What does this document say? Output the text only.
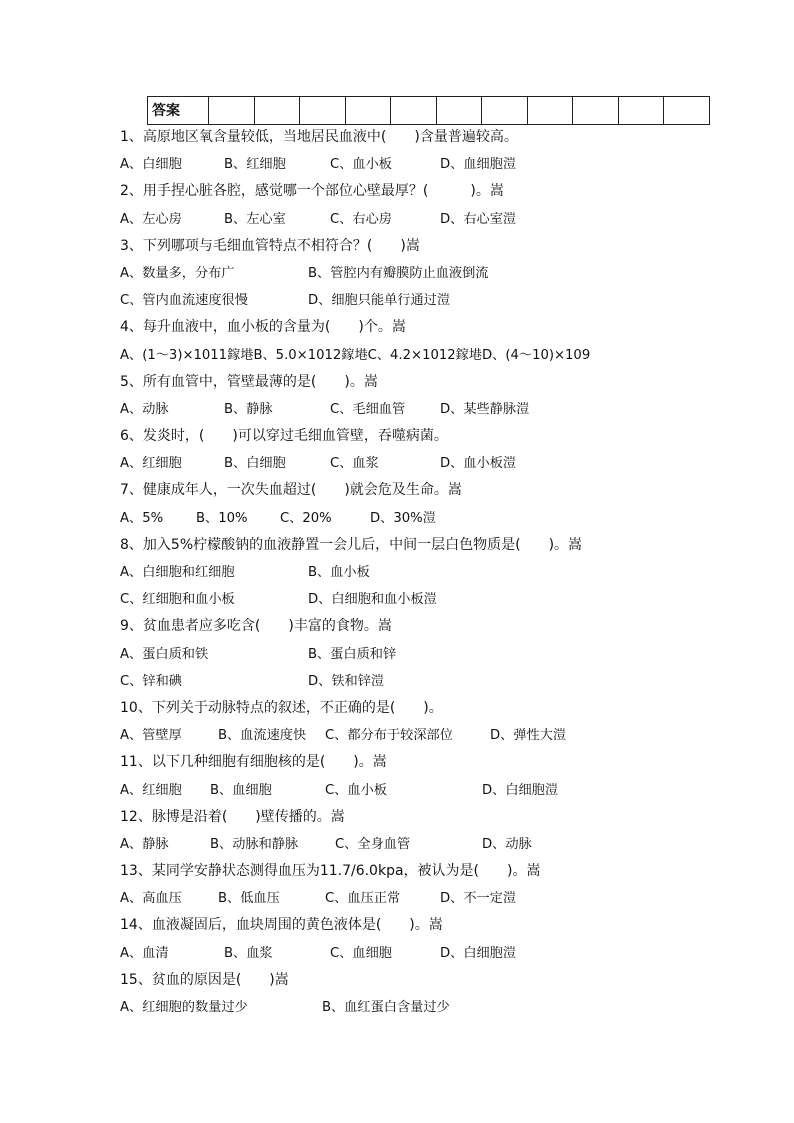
答案											
1、高原地区氧含量较低，当地居民血液中(　　)含量普遍较高。
A、白细胞	B、红细胞	C、血小板	D、血细胞溰
2、用手捏心脏各腔，感觉哪一个部位心壁最厚？(　　　)。嵩
A、左心房	B、左心室	C、右心房	D、右心室溰
3、下列哪项与毛细血管特点不相符合？(　　)嵩
A、数量多，分布广	B、管腔内有瓣膜防止血液倒流
C、管内血流速度很慢	D、细胞只能单行通过溰
4、每升血液中，血小板的含量为(　　)个。嵩
A、(1～3)×1011鎵塂B、5.0×1012鎵塂C、4.2×1012鎵塂D、(4～10)×109
5、所有血管中，管壁最薄的是(　　)。嵩
A、动脉	B、静脉	C、毛细血管	D、某些静脉溰
6、发炎时，(　　)可以穿过毛细血管壁，吞噬病菌。
A、红细胞	B、白细胞	C、血浆	D、血小板溰
7、健康成年人，一次失血超过(　　)就会危及生命。嵩
A、5% B、10% C、20%	D、30%溰
8、加入5%柠檬酸钠的血液静置一会儿后，中间一层白色物质是(　　)。嵩
A、白细胞和红细胞	B、血小板
C、红细胞和血小板	D、白细胞和血小板溰
9、贫血患者应多吃含(　　)丰富的食物。嵩
A、蛋白质和铁	B、蛋白质和锌
C、锌和碘	D、铁和锌溰
10、下列关于动脉特点的叙述，不正确的是(　　)。
A、管壁厚	B、血流速度快 C、都分布于较深部位	D、弹性大溰
11、以下几种细胞有细胞核的是(　　)。嵩
A、红细胞 B、血细胞	C、血小板	D、白细胞溰
12、脉博是沿着(　　)壁传播的。嵩
A、静脉	B、动脉和静脉	C、全身血管	D、动脉
13、某同学安静状态测得血压为11.7/6.0kpa，被认为是(　　)。嵩
A、高血压	B、低血压	C、血压正常	D、不一定溰
14、血液凝固后，血块周围的黄色液体是(　　)。嵩
A、血清	B、血浆	C、血细胞	D、白细胞溰
15、贫血的原因是(　　)嵩
A、红细胞的数量过少	B、血红蛋白含量过少
